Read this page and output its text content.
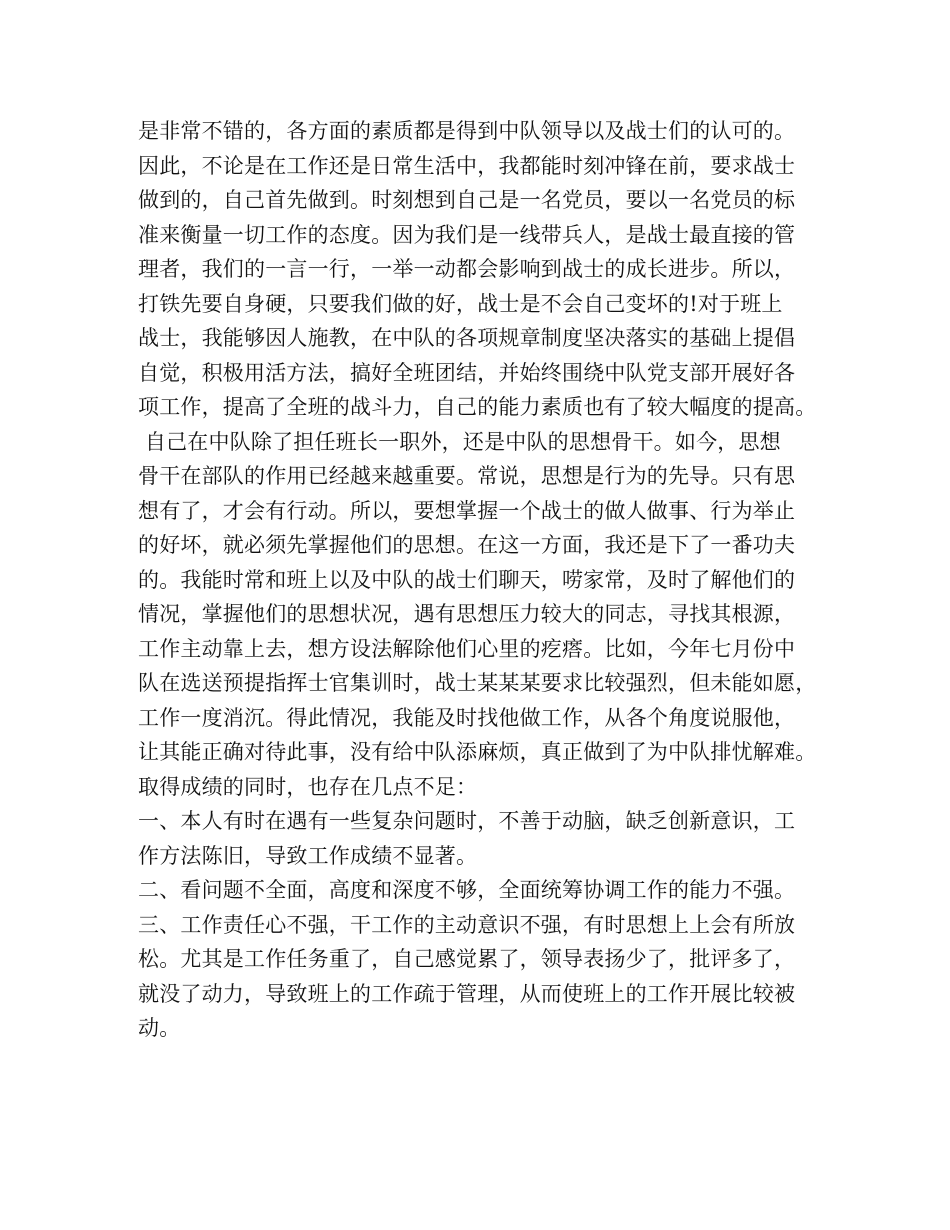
是非常不错的，各方面的素质都是得到中队领导以及战士们的认可的。
因此，不论是在工作还是日常生活中，我都能时刻冲锋在前，要求战士
做到的，自己首先做到。时刻想到自己是一名党员，要以一名党员的标
准来衡量一切工作的态度。因为我们是一线带兵人，是战士最直接的管
理者，我们的一言一行，一举一动都会影响到战士的成长进步。所以，
打铁先要自身硬，只要我们做的好，战士是不会自己变坏的!对于班上
战士，我能够因人施教，在中队的各项规章制度坚决落实的基础上提倡
自觉，积极用活方法，搞好全班团结，并始终围绕中队党支部开展好各
项工作，提高了全班的战斗力，自己的能力素质也有了较大幅度的提高。
自己在中队除了担任班长一职外，还是中队的思想骨干。如今，思想
骨干在部队的作用已经越来越重要。常说，思想是行为的先导。只有思
想有了，才会有行动。所以，要想掌握一个战士的做人做事、行为举止
的好坏，就必须先掌握他们的思想。在这一方面，我还是下了一番功夫
的。我能时常和班上以及中队的战士们聊天，唠家常，及时了解他们的
情况，掌握他们的思想状况，遇有思想压力较大的同志，寻找其根源，
工作主动靠上去，想方设法解除他们心里的疙瘩。比如，今年七月份中
队在选送预提指挥士官集训时，战士某某某要求比较强烈，但未能如愿，
工作一度消沉。得此情况，我能及时找他做工作，从各个角度说服他，
让其能正确对待此事，没有给中队添麻烦，真正做到了为中队排忧解难。
取得成绩的同时，也存在几点不足：
一、本人有时在遇有一些复杂问题时，不善于动脑，缺乏创新意识，工
作方法陈旧，导致工作成绩不显著。
二、看问题不全面，高度和深度不够，全面统筹协调工作的能力不强。
三、工作责任心不强，干工作的主动意识不强，有时思想上上会有所放
松。尤其是工作任务重了，自己感觉累了，领导表扬少了，批评多了，
就没了动力，导致班上的工作疏于管理，从而使班上的工作开展比较被
动。
